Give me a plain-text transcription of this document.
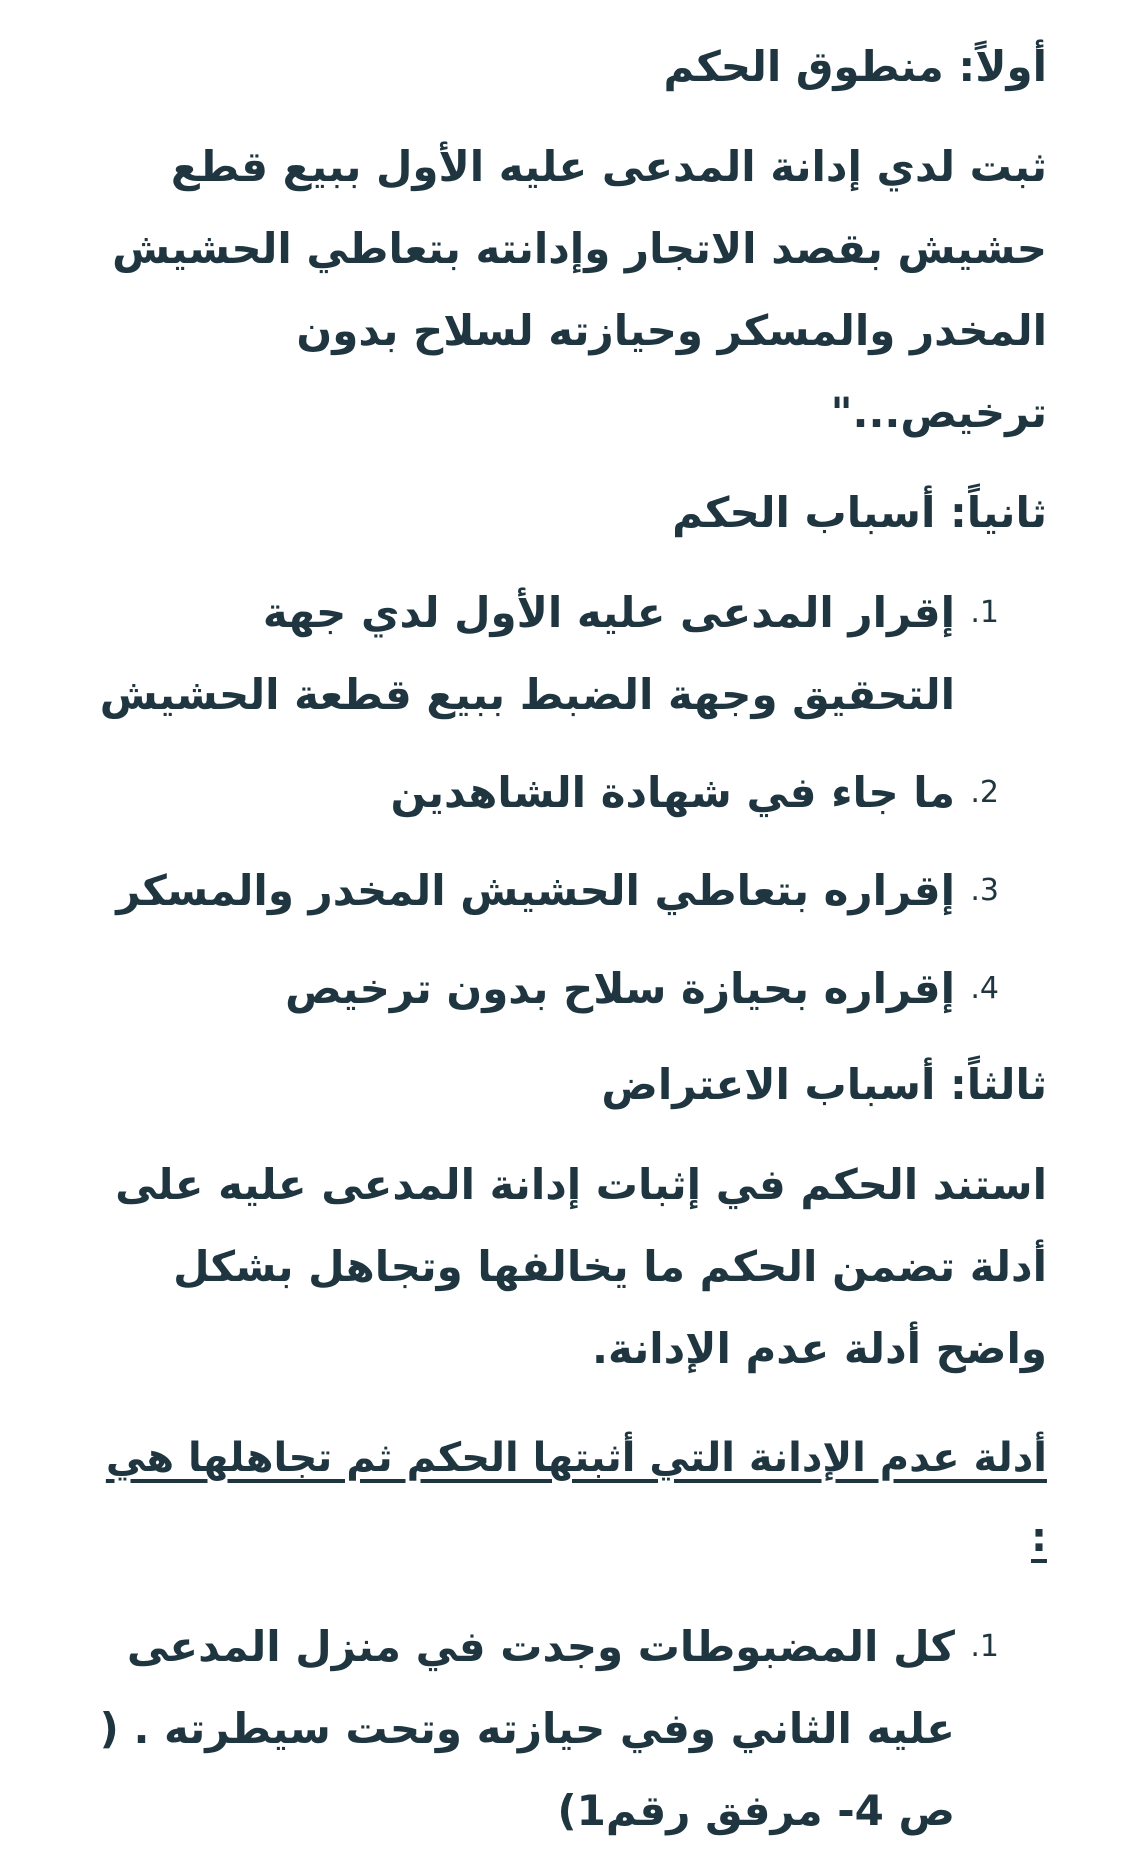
أولاً: منطوق الحكم

ثبت لدي إدانة المدعى عليه الأول ببيع قطع حشيش بقصد الاتجار وإدانته بتعاطي الحشيش المخدر والمسكر وحيازته لسلاح بدون ترخيص..."

ثانياً: أسباب الحكم
1.
إقرار المدعى عليه الأول لدي جهة التحقيق وجهة الضبط ببيع قطعة الحشيش
2.
ما جاء في شهادة الشاهدين
3.
إقراره بتعاطي الحشيش المخدر والمسكر
4.
إقراره بحيازة سلاح بدون ترخيص
ثالثاً: أسباب الاعتراض

استند الحكم في إثبات إدانة المدعى عليه على أدلة تضمن الحكم ما يخالفها وتجاهل بشكل واضح أدلة عدم الإدانة.

أدلة عدم الإدانة التي أثبتها الحكم ثم تجاهلها هي :

1.
كل المضبوطات وجدت في منزل المدعى عليه الثاني وفي حيازته وتحت سيطرته . ( ص 4- مرفق رقم1)
